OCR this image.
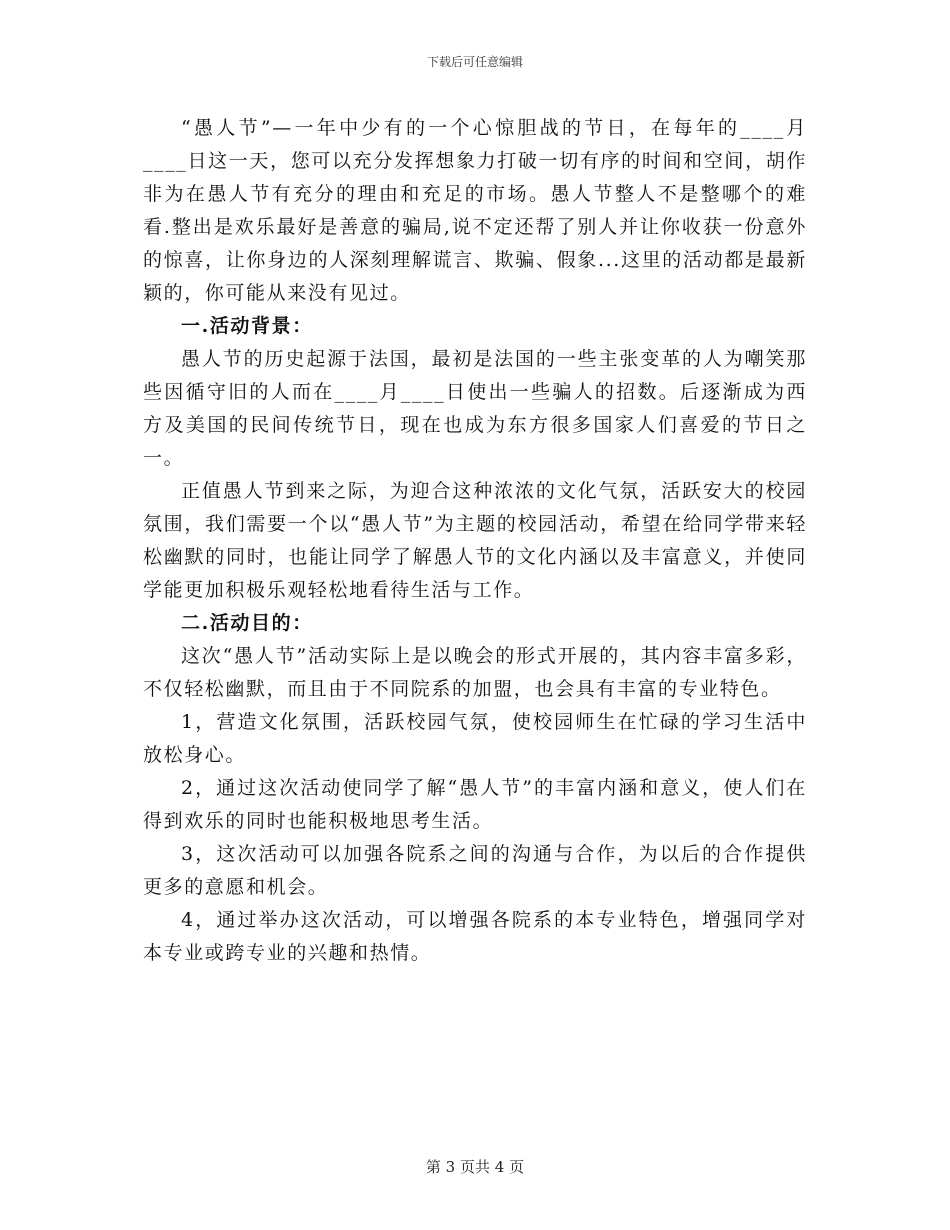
下载后可任意编辑

“愚人节”—一年中少有的一个心惊胆战的节日，在每年的____月____日这一天，您可以充分发挥想象力打破一切有序的时间和空间，胡作非为在愚人节有充分的理由和充足的市场。愚人节整人不是整哪个的难看.整出是欢乐最好是善意的骗局,说不定还帮了别人并让你收获一份意外的惊喜，让你身边的人深刻理解谎言、欺骗、假象...这里的活动都是最新颖的，你可能从来没有见过。

一.活动背景：

愚人节的历史起源于法国，最初是法国的一些主张变革的人为嘲笑那些因循守旧的人而在____月____日使出一些骗人的招数。后逐渐成为西方及美国的民间传统节日，现在也成为东方很多国家人们喜爱的节日之一。

正值愚人节到来之际，为迎合这种浓浓的文化气氛，活跃安大的校园氛围，我们需要一个以“愚人节”为主题的校园活动，希望在给同学带来轻松幽默的同时，也能让同学了解愚人节的文化内涵以及丰富意义，并使同学能更加积极乐观轻松地看待生活与工作。

二.活动目的：

这次“愚人节”活动实际上是以晚会的形式开展的，其内容丰富多彩，不仅轻松幽默，而且由于不同院系的加盟，也会具有丰富的专业特色。

1，营造文化氛围，活跃校园气氛，使校园师生在忙碌的学习生活中放松身心。

2，通过这次活动使同学了解“愚人节”的丰富内涵和意义，使人们在得到欢乐的同时也能积极地思考生活。

3，这次活动可以加强各院系之间的沟通与合作，为以后的合作提供更多的意愿和机会。

4，通过举办这次活动，可以增强各院系的本专业特色，增强同学对本专业或跨专业的兴趣和热情。

第 3 页共 4 页
